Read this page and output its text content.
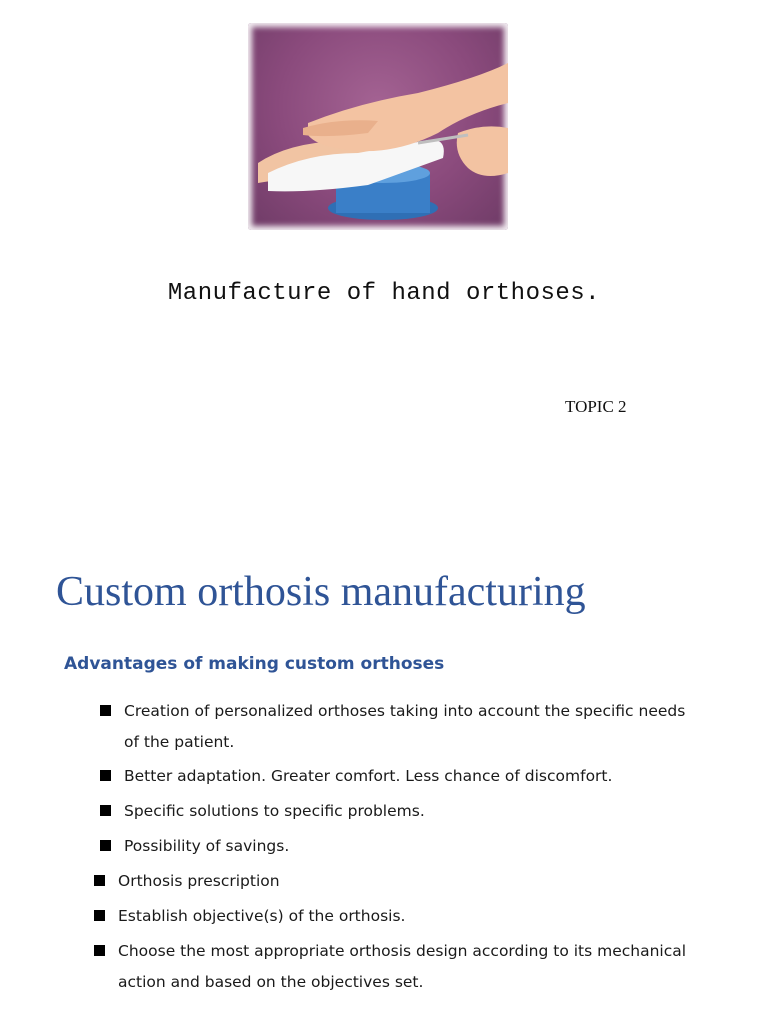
Manufacture of hand orthoses.
TOPIC 2
Custom orthosis manufacturing
Advantages of making custom orthoses
Creation of personalized orthoses taking into account the specific needs of the patient.
Better adaptation. Greater comfort. Less chance of discomfort.
Specific solutions to specific problems.
Possibility of savings.
Orthosis prescription
Establish objective(s) of the orthosis.
Choose the most appropriate orthosis design according to its mechanical action and based on the objectives set.
